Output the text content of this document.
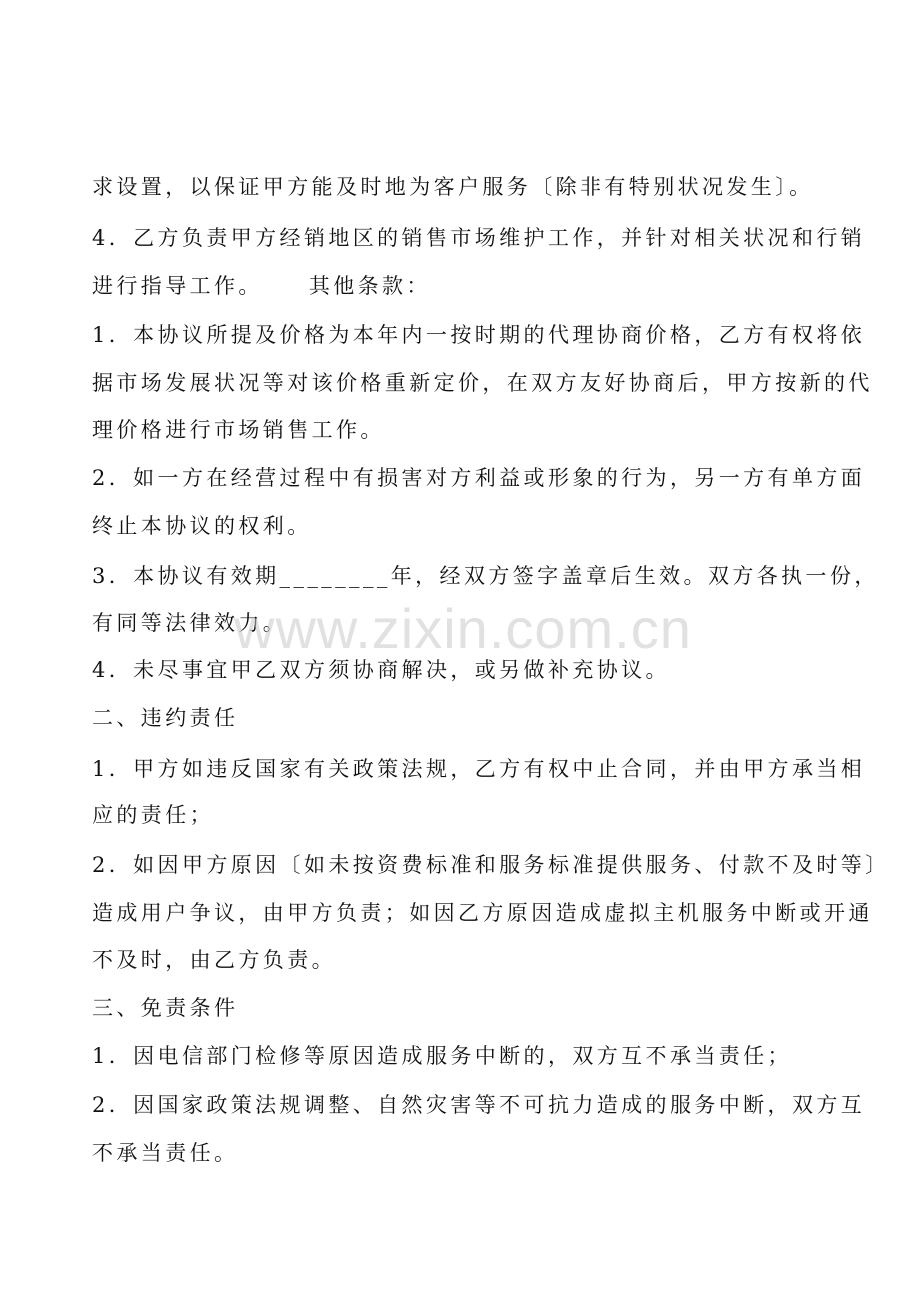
求设置，以保证甲方能及时地为客户服务〔除非有特别状况发生〕。
4．乙方负责甲方经销地区的销售市场维护工作，并针对相关状况和行销
进行指导工作。 其他条款：
1．本协议所提及价格为本年内一按时期的代理协商价格，乙方有权将依
据市场发展状况等对该价格重新定价，在双方友好协商后，甲方按新的代
理价格进行市场销售工作。
2．如一方在经营过程中有损害对方利益或形象的行为，另一方有单方面
终止本协议的权利。
3．本协议有效期________年，经双方签字盖章后生效。双方各执一份，
有同等法律效力。
4．未尽事宜甲乙双方须协商解决，或另做补充协议。
二、违约责任
1．甲方如违反国家有关政策法规，乙方有权中止合同，并由甲方承当相
应的责任；
2．如因甲方原因〔如未按资费标准和服务标准提供服务、付款不及时等〕
造成用户争议，由甲方负责；如因乙方原因造成虚拟主机服务中断或开通
不及时，由乙方负责。
三、免责条件
1．因电信部门检修等原因造成服务中断的，双方互不承当责任；
2．因国家政策法规调整、自然灾害等不可抗力造成的服务中断，双方互
不承当责任。
www.zixin.com.cn
